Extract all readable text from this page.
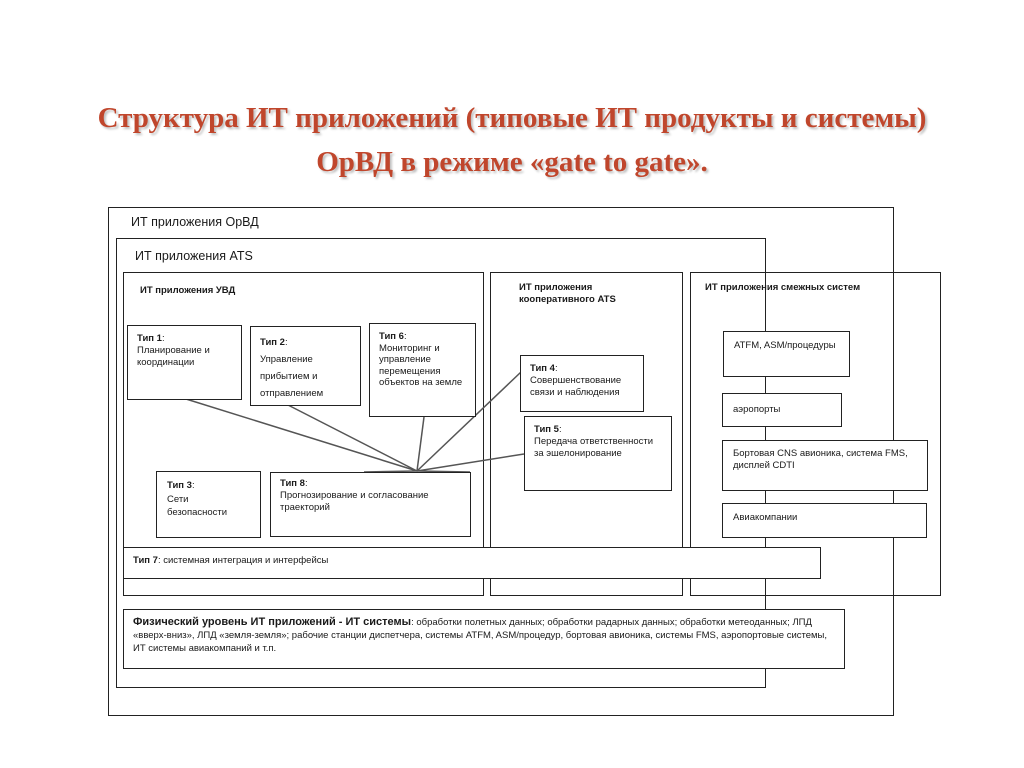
Структура ИТ приложений (типовые ИТ продукты и системы) ОрВД в режиме «gate to gate».
ИТ приложения ОрВД
ИТ приложения ATS
ИТ приложения УВД	ИТ приложения кооперативного ATS
ИТ приложения смежных систем
Тип 1:
Планирование и координации
Тип 2:
Управление прибытием и отправлением
Тип 6:
Мониторинг и управление перемещения объектов на земле
Тип 3:
Сети безопасности
Тип 8:
Прогнозирование и согласование траекторий
Тип 4:
Совершенствование связи и наблюдения
Тип 5:
Передача ответственности за эшелонирование
Тип 7: системная интеграция и интерфейсы
ATFM, ASM/процедуры
аэропорты
Бортовая CNS авионика, система FMS, дисплей CDTI
Авиакомпании
Физический уровень ИТ приложений - ИТ системы: обработки полетных данных; обработки радарных данных; обработки метеоданных; ЛПД «вверх-вниз», ЛПД «земля-земля»; рабочие станции диспетчера, системы ATFM, ASM/процедур, бортовая авионика, системы FMS, аэропортовые системы, ИТ системы авиакомпаний и т.п.
